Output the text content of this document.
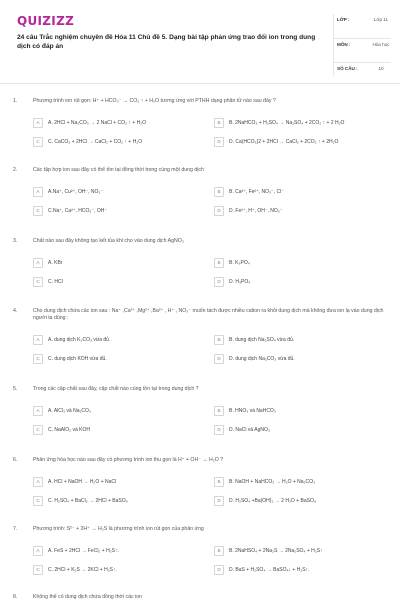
QUIZIZZ
24 câu Trắc nghiệm chuyên đề Hóa 11 Chủ đề 5. Dạng bài tập phản ứng trao đổi ion trong dung dịch có đáp án
LỚP :	Lớp 11
MÔN :	Hóa học
SỐ CÂU :	10
1.	Phương trình ion rút gọn: H⁺ + HCO₃⁻ → CO₂ ↑ + H₂O tương ứng với PTHH dạng phân tử nào sau đây ?
A	A. 2HCl + Na₂CO₃ → 2 NaCl + CO₂ ↑ + H₂O	B	B. 2NaHCO₃ + H₂SO₄ → Na₂SO₄ + 2CO₂ ↑ + 2 H₂O
C	C. CaCO₃ + 2HCl → CaCl₂ + CO₂ ↑ + H₂O	D	D. Ca(HCO₃)2 + 2HCl → CaCl₂ + 2CO₂ ↑ + 2H₂O
2.	Các tập hợp ion sau đây có thể tồn tại đồng thời trong cùng một dung dịch
A	A.Na⁺, Cu²⁺, OH⁻, NO₃⁻	B	B. Ca²⁺, Fe²⁺, NO₃⁻, Cl⁻
C	C.Na⁺, Ca²⁺, HCO₃⁻, OH⁻	D	D. Fe²⁺, H⁺, OH⁻, NO₃⁻
3.	Chất nào sau đây không tạo kết tủa khi cho vào dung dịch AgNO₃
A	A. KBr	B	B. K₃PO₄
C	C. HCl	D	D. H₃PO₄
4.	Cho dung dịch chứa các ion sau : Na⁺ ,Ca²⁺ ,Mg²⁺ ,Ba²⁺ , H⁺ , NO₃⁻ muốn tách được nhiều cation ra khỏi dung dịch mà không đưa ion lạ vào dung dịch người ta dùng :
A	A. dung dịch K₂CO₃ vừa đủ .	B	B. dung dịch Na₂SO₄ vừa đủ.
C	C. dung dịch KOH vừa đủ.	D	D. dung dịch Na₂CO₃ vừa đủ.
5.	Trong các cặp chất sau đây, cặp chất nào cùng tồn tại trong dung dịch ?
A	A. AlCl₃ và Na₂CO₃	B	B. HNO₃ và NaHCO₃
C	C. NaAlO₂ và KOH	D	D. NaCl và AgNO₃
6.	Phản ứng hóa học nào sau đây có phương trình ion thu gọn là H⁺ + OH⁻ → H₂O ?
A	A. HCl + NaOH → H₂O + NaCl	B	B. NaOH + NaHCO₃ → H₂O + Na₂CO₃
C	C. H₂SO₄ + BaCl₂ → 2HCl + BaSO₄	D	D. H₂SO₄ +Ba(OH)₂ → 2 H₂O + BaSO₄
7.	Phương trình: S²⁻ + 2H⁺ → H₂S là phương trình ion rút gọn của phản ứng
A	A. FeS + 2HCl → FeCl₂ + H₂S↑.	B	B. 2NaHSO₄ + 2Na₂S → 2Na₂SO₄ + H₂S↑
C	C. 2HCl + K₂S → 2KCl + H₂S↑.	D	D. BaS + H₂SO₄ → BaSO₄↓ + H₂S↑.
8.	Không thể có dung dịch chứa đồng thời các ion
